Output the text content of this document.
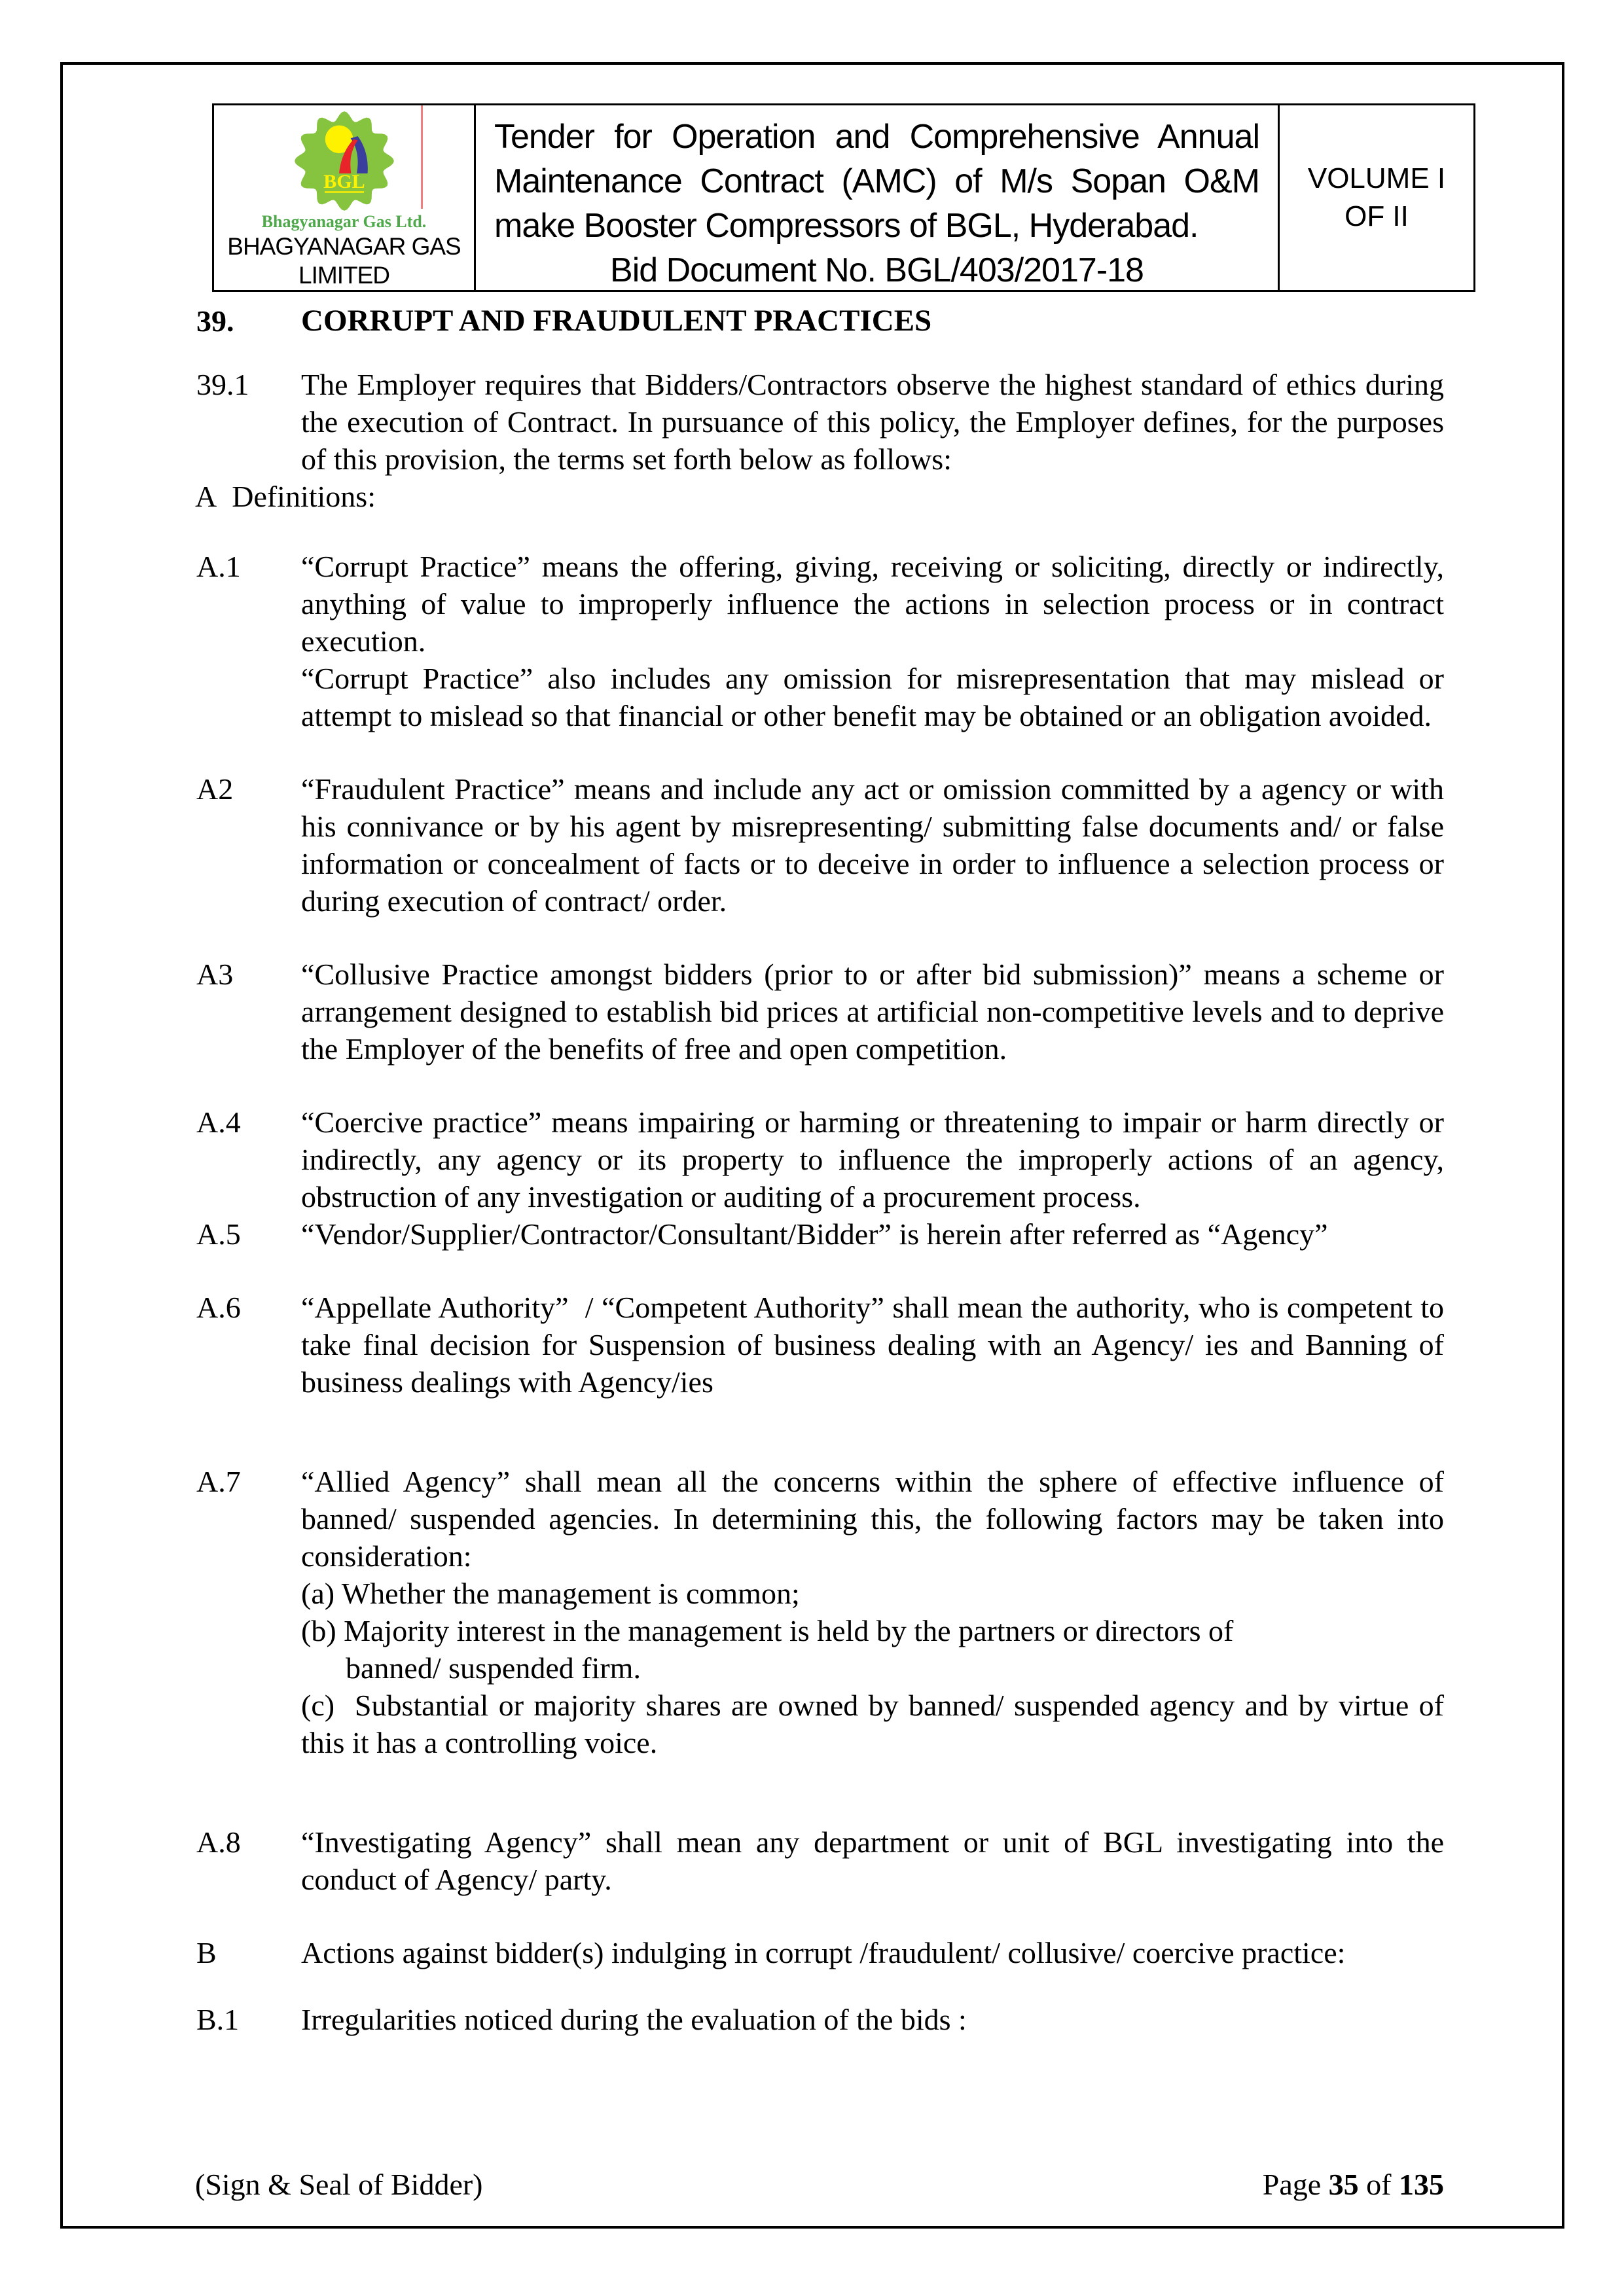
BGL
Bhagyanagar Gas Ltd.
BHAGYANAGAR GAS
LIMITED
Tender for Operation and Comprehensive Annual
Maintenance Contract (AMC) of M/s Sopan O&M
make Booster Compressors of BGL, Hyderabad.
Bid Document No. BGL/403/2017-18
VOLUME I
OF II
39. CORRUPT AND FRAUDULENT PRACTICES
39.1 The Employer requires that Bidders/Contractors observe the highest standard of ethics during the execution of Contract. In pursuance of this policy, the Employer defines, for the purposes of this provision, the terms set forth below as follows:
A  Definitions:
A.1 “Corrupt Practice” means the offering, giving, receiving or soliciting, directly or indirectly, anything of value to improperly influence the actions in selection process or in contract execution.
“Corrupt Practice” also includes any omission for misrepresentation that may mislead or attempt to mislead so that financial or other benefit may be obtained or an obligation avoided.
A2 “Fraudulent Practice” means and include any act or omission committed by a agency or with his connivance or by his agent by misrepresenting/ submitting false documents and/ or false information or concealment of facts or to deceive in order to influence a selection process or during execution of contract/ order.
A3 “Collusive Practice amongst bidders (prior to or after bid submission)” means a scheme or arrangement designed to establish bid prices at artificial non-competitive levels and to deprive the Employer of the benefits of free and open competition.
A.4 “Coercive practice” means impairing or harming or threatening to impair or harm directly or indirectly, any agency or its property to influence the improperly actions of an agency, obstruction of any investigation or auditing of a procurement process.
A.5 “Vendor/Supplier/Contractor/Consultant/Bidder” is herein after referred as “Agency”
A.6 “Appellate Authority”  / “Competent Authority” shall mean the authority, who is competent to take final decision for Suspension of business dealing with an Agency/ ies and Banning of business dealings with Agency/ies
A.7 “Allied Agency” shall mean all the concerns within the sphere of effective influence of banned/ suspended agencies. In determining this, the following factors may be taken into consideration:
(a) Whether the management is common;
(b) Majority interest in the management is held by the partners or directors of
banned/ suspended firm.
(c)  Substantial or majority shares are owned by banned/ suspended agency and by virtue of this it has a controlling voice.
A.8 “Investigating Agency” shall mean any department or unit of BGL investigating into the conduct of Agency/ party.
B	Actions against bidder(s) indulging in corrupt /fraudulent/ collusive/ coercive practice:
B.1 Irregularities noticed during the evaluation of the bids :
(Sign & Seal of Bidder)	Page 35 of 135
